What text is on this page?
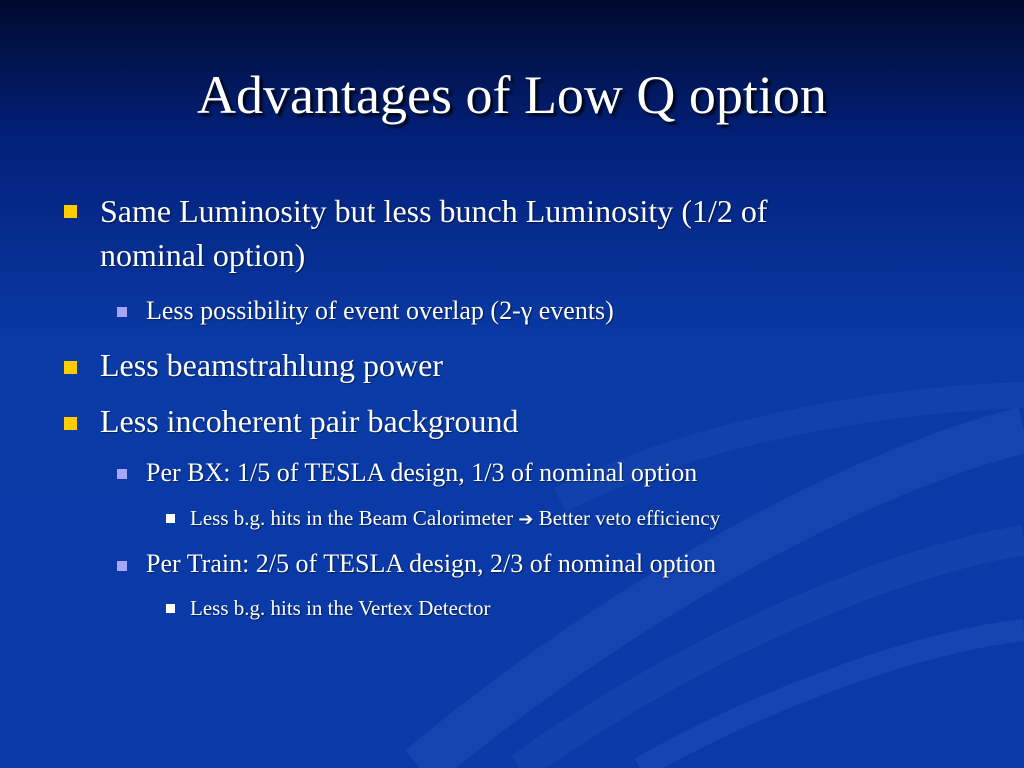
Advantages of Low Q option
Same Luminosity but less bunch Luminosity (1/2 of
nominal option)
Less possibility of event overlap (2-γ events)
Less beamstrahlung power
Less incoherent pair background
Per BX: 1/5 of TESLA design, 1/3 of nominal option
Less b.g. hits in the Beam Calorimeter ➔ Better veto efficiency
Per Train: 2/5 of TESLA design, 2/3 of nominal option
Less b.g. hits in the Vertex Detector
